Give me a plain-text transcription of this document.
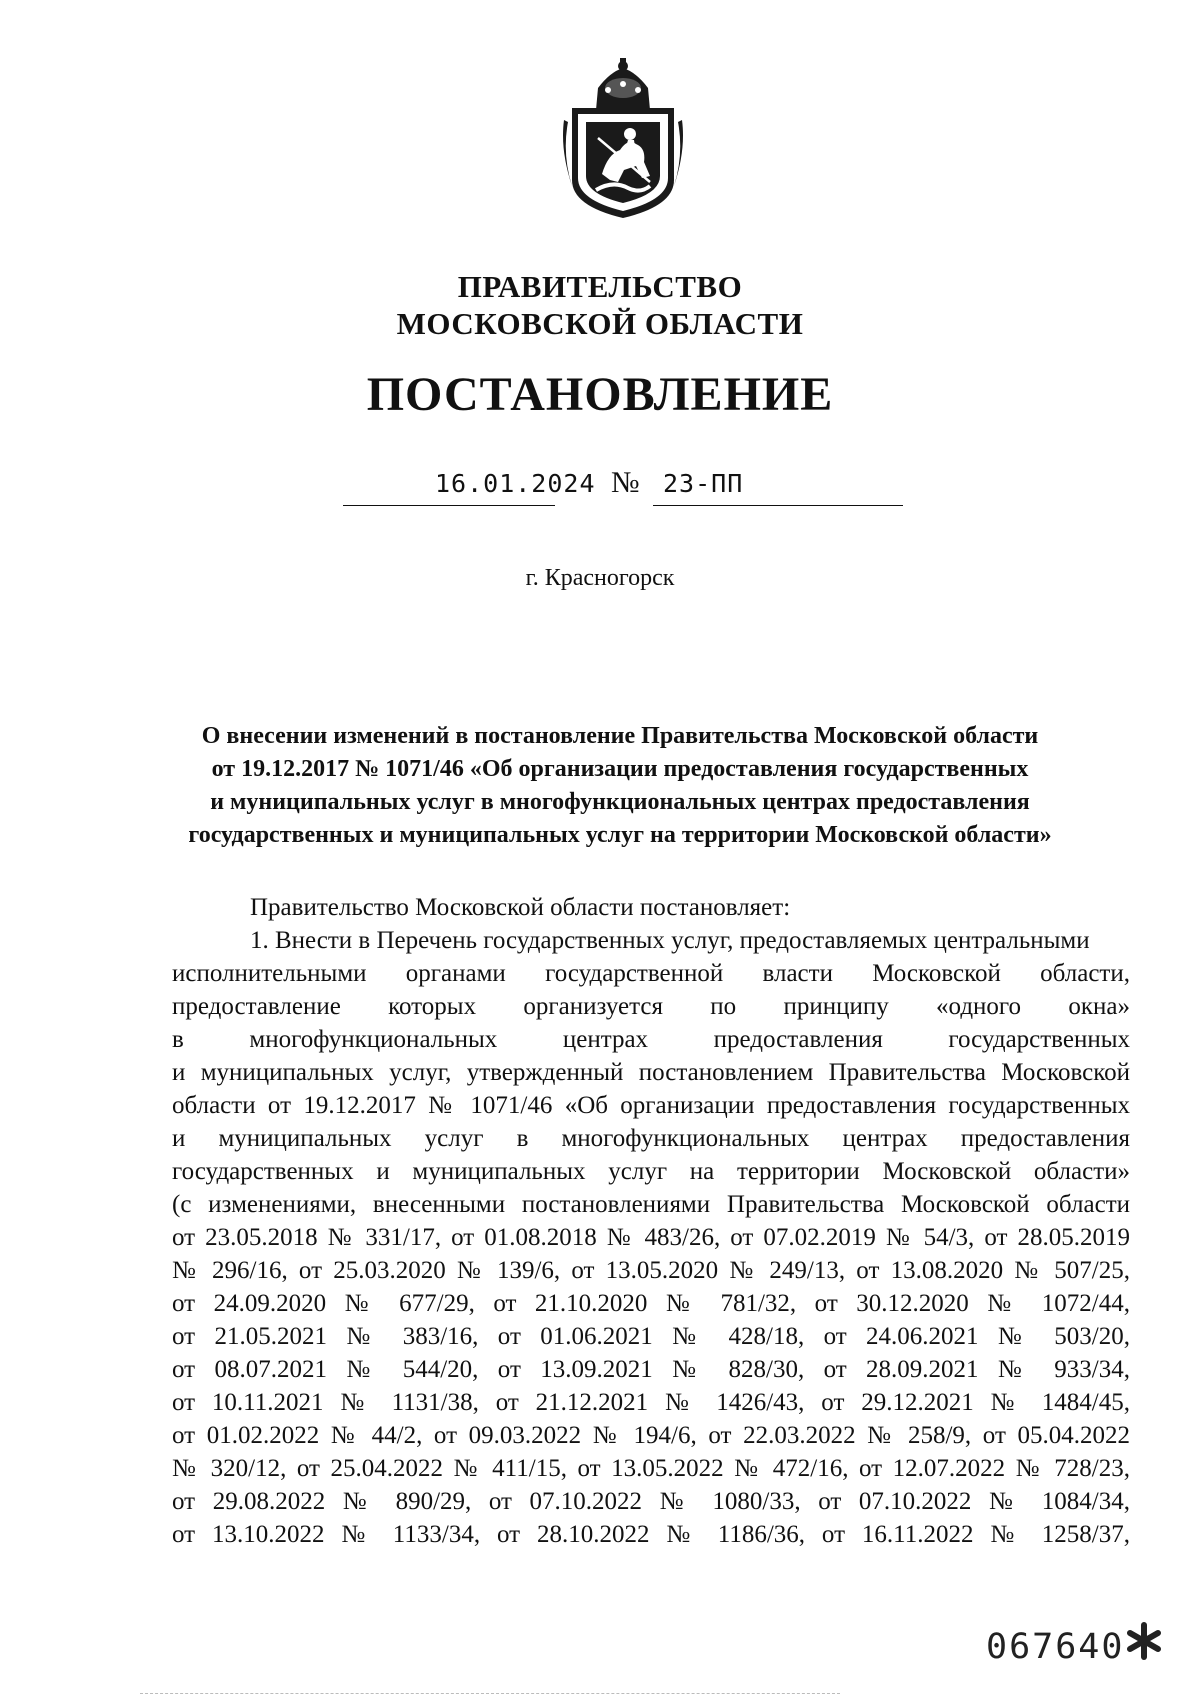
ПРАВИТЕЛЬСТВО
МОСКОВСКОЙ ОБЛАСТИ
ПОСТАНОВЛЕНИЕ
16.01.2024 № 23-ПП
г. Красногорск
О внесении изменений в постановление Правительства Московской области
от 19.12.2017 № 1071/46 «Об организации предоставления государственных
и муниципальных услуг в многофункциональных центрах предоставления
государственных и муниципальных услуг на территории Московской области»
Правительство Московской области постановляет:
1. Внести в Перечень государственных услуг, предоставляемых центральными
исполнительными органами государственной власти Московской области,
предоставление которых организуется по принципу «одного окна»
в многофункциональных центрах предоставления государственных
и муниципальных услуг, утвержденный постановлением Правительства Московской
области от 19.12.2017 № 1071/46 «Об организации предоставления государственных
и муниципальных услуг в многофункциональных центрах предоставления
государственных и муниципальных услуг на территории Московской области»
(с изменениями, внесенными постановлениями Правительства Московской области
от 23.05.2018 № 331/17, от 01.08.2018 № 483/26, от 07.02.2019 № 54/3, от 28.05.2019
№ 296/16, от 25.03.2020 № 139/6, от 13.05.2020 № 249/13, от 13.08.2020 № 507/25,
от 24.09.2020 № 677/29, от 21.10.2020 № 781/32, от 30.12.2020 № 1072/44,
от 21.05.2021 № 383/16, от 01.06.2021 № 428/18, от 24.06.2021 № 503/20,
от 08.07.2021 № 544/20, от 13.09.2021 № 828/30, от 28.09.2021 № 933/34,
от 10.11.2021 № 1131/38, от 21.12.2021 № 1426/43, от 29.12.2021 № 1484/45,
от 01.02.2022 № 44/2, от 09.03.2022 № 194/6, от 22.03.2022 № 258/9, от 05.04.2022
№ 320/12, от 25.04.2022 № 411/15, от 13.05.2022 № 472/16, от 12.07.2022 № 728/23,
от 29.08.2022 № 890/29, от 07.10.2022 № 1080/33, от 07.10.2022 № 1084/34,
от 13.10.2022 № 1133/34, от 28.10.2022 № 1186/36, от 16.11.2022 № 1258/37,
067640
